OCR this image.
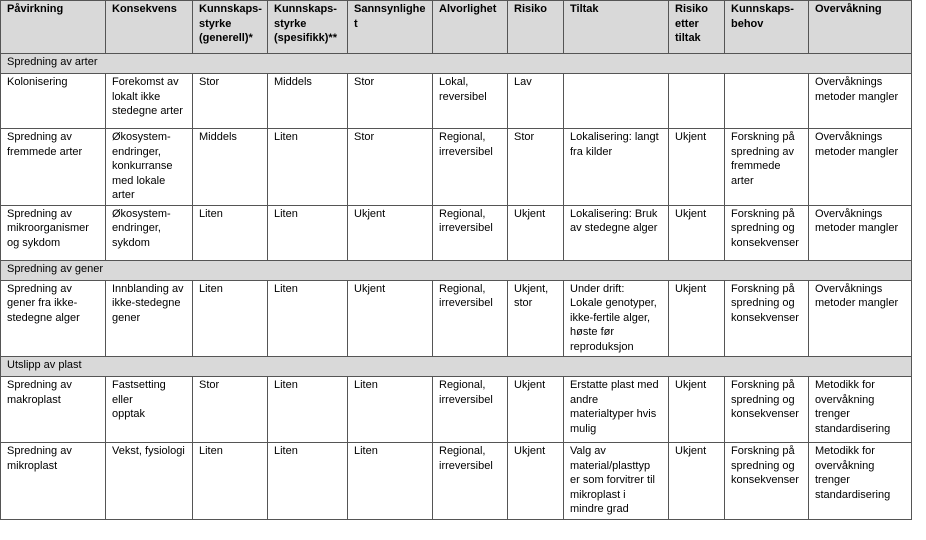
Påvirkning	Konsekvens	Kunnskaps-
styrke
(generell)*	Kunnskaps-
styrke
(spesifikk)**	Sannsynlighet	Alvorlighet	Risiko	Tiltak	Risiko
etter
tiltak	Kunnskaps-
behov	Overvåkning
Spredning av arter										
Kolonisering	Forekomst av
lokalt ikke
stedegne arter	Stor	Middels	Stor	Lokal,
reversibel	Lav				Overvåknings
metoder mangler
Spredning av
fremmede arter	Økosystem-
endringer,
konkurranse
med lokale
arter	Middels	Liten	Stor	Regional,
irreversibel	Stor	Lokalisering: langt
fra kilder	Ukjent	Forskning på
spredning av
fremmede
arter	Overvåknings
metoder mangler
Spredning av
mikroorganismer
og sykdom	Økosystem-
endringer,
sykdom	Liten	Liten	Ukjent	Regional,
irreversibel	Ukjent	Lokalisering: Bruk
av stedegne alger	Ukjent	Forskning på
spredning og
konsekvenser	Overvåknings
metoder mangler
Spredning av gener										
Spredning av
gener fra ikke-
stedegne alger	Innblanding av
ikke-stedegne
gener	Liten	Liten	Ukjent	Regional,
irreversibel	Ukjent,
stor	Under drift:
Lokale genotyper,
ikke-fertile alger,
høste før
reproduksjon	Ukjent	Forskning på
spredning og
konsekvenser	Overvåknings
metoder mangler
Utslipp av plast										
Spredning av
makroplast	Fastsetting eller
opptak	Stor	Liten	Liten	Regional,
irreversibel	Ukjent	Erstatte plast med
andre
materialtyper hvis
mulig	Ukjent	Forskning på
spredning og
konsekvenser	Metodikk for
overvåkning
trenger
standardisering
Spredning av
mikroplast	Vekst, fysiologi	Liten	Liten	Liten	Regional,
irreversibel	Ukjent	Valg av
material/plasttyp
er som forvitrer til
mikroplast i
mindre grad	Ukjent	Forskning på
spredning og
konsekvenser	Metodikk for
overvåkning
trenger
standardisering
